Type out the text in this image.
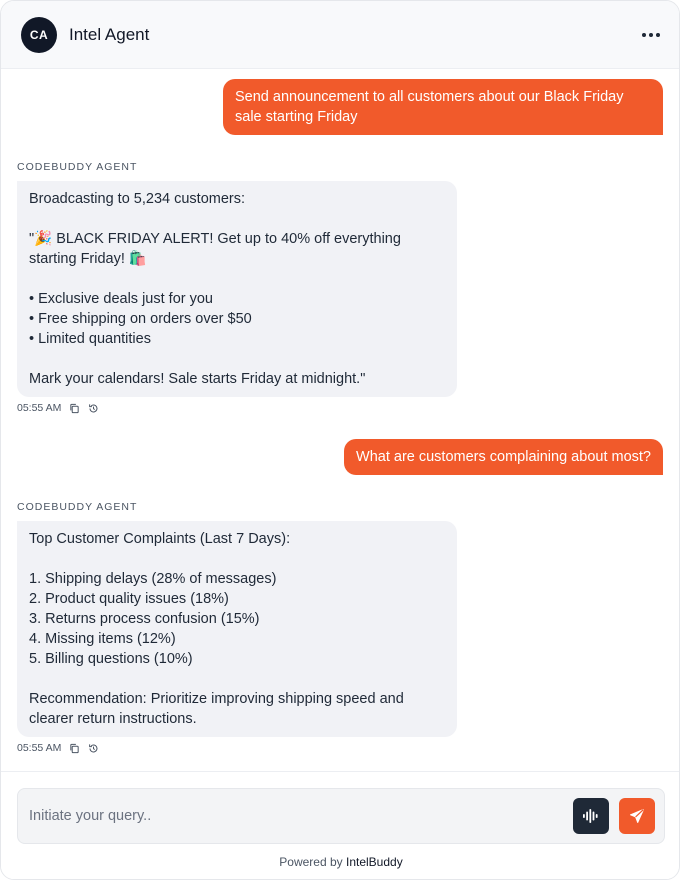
CA	Intel Agent
Send announcement to all customers about our Black Friday
sale starting Friday
CODEBUDDY AGENT
Broadcasting to 5,234 customers:

"🎉 BLACK FRIDAY ALERT! Get up to 40% off everything
starting Friday! 🛍️

• Exclusive deals just for you
• Free shipping on orders over $50
• Limited quantities

Mark your calendars! Sale starts Friday at midnight."
05:55 AM
What are customers complaining about most?
CODEBUDDY AGENT
Top Customer Complaints (Last 7 Days):

1. Shipping delays (28% of messages)
2. Product quality issues (18%)
3. Returns process confusion (15%)
4. Missing items (12%)
5. Billing questions (10%)

Recommendation: Prioritize improving shipping speed and
clearer return instructions.
05:55 AM
Initiate your query..
Powered by IntelBuddy
